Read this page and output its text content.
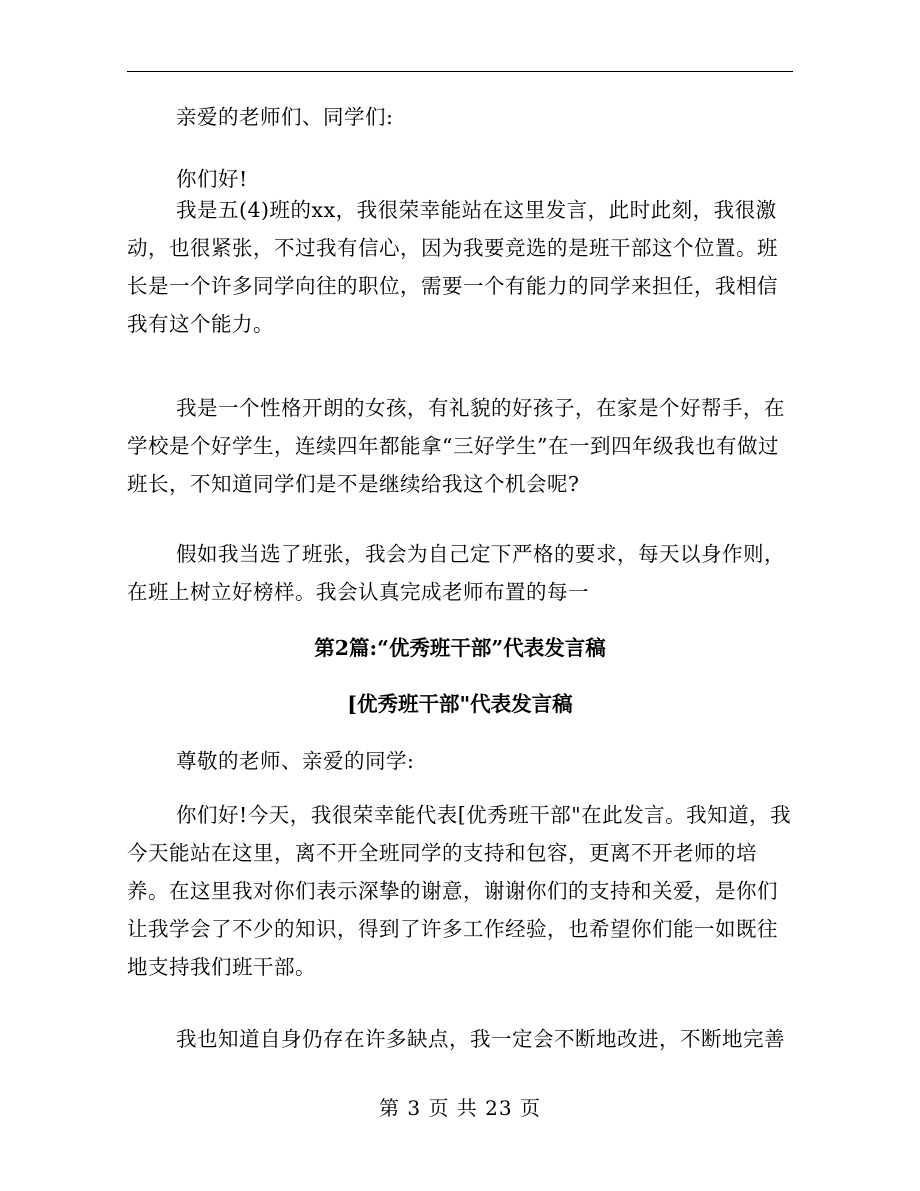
亲爱的老师们、同学们:

你们好!

我是五(4)班的xx，我很荣幸能站在这里发言，此时此刻，我很激动，也很紧张，不过我有信心，因为我要竞选的是班干部这个位置。班长是一个许多同学向往的职位，需要一个有能力的同学来担任，我相信我有这个能力。

我是一个性格开朗的女孩，有礼貌的好孩子，在家是个好帮手，在学校是个好学生，连续四年都能拿“三好学生”在一到四年级我也有做过班长，不知道同学们是不是继续给我这个机会呢?

假如我当选了班张，我会为自己定下严格的要求，每天以身作则，在班上树立好榜样。我会认真完成老师布置的每一

第2篇:“优秀班干部”代表发言稿
[优秀班干部"代表发言稿

尊敬的老师、亲爱的同学:

你们好!今天，我很荣幸能代表[优秀班干部"在此发言。我知道，我今天能站在这里，离不开全班同学的支持和包容，更离不开老师的培养。在这里我对你们表示深挚的谢意，谢谢你们的支持和关爱，是你们让我学会了不少的知识，得到了许多工作经验，也希望你们能一如既往地支持我们班干部。

我也知道自身仍存在许多缺点，我一定会不断地改进，不断地完善

第 3 页 共 23 页
